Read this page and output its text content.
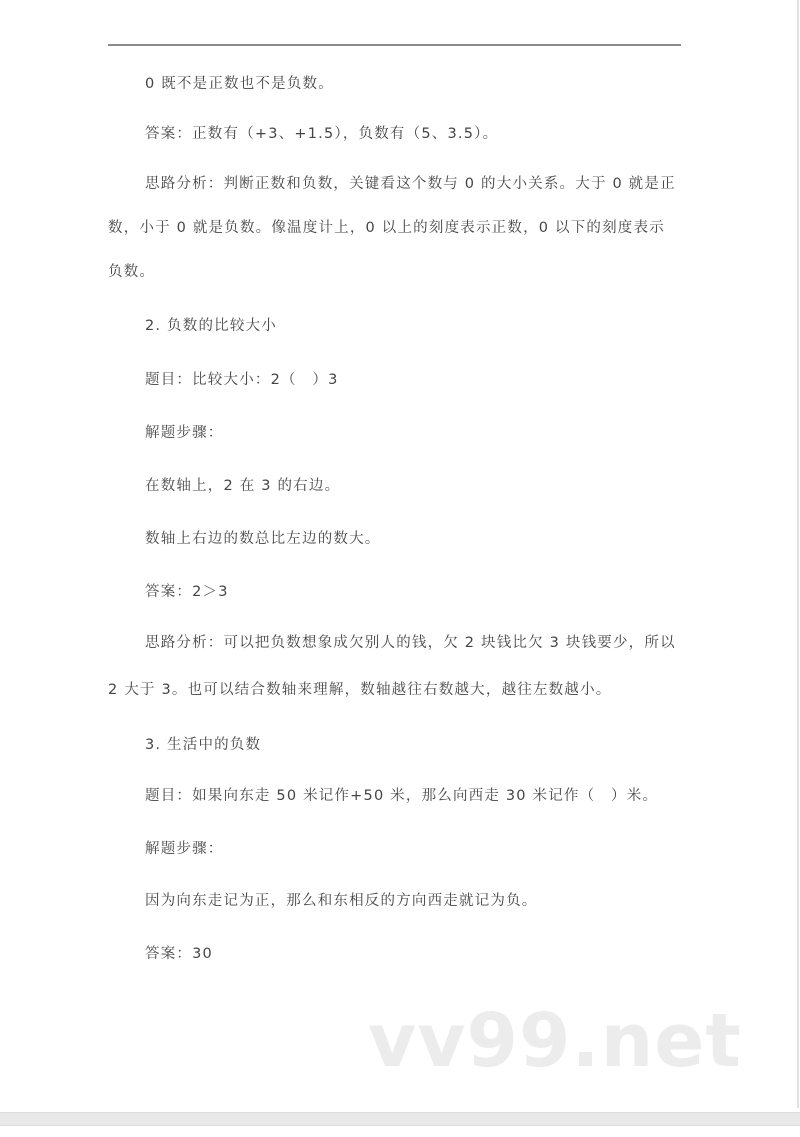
0 既不是正数也不是负数。
答案：正数有（+3、+1.5），负数有（5、3.5）。
思路分析：判断正数和负数，关键看这个数与 0 的大小关系。大于 0 就是正
数，小于 0 就是负数。像温度计上，0 以上的刻度表示正数，0 以下的刻度表示
负数。
2. 负数的比较大小
题目：比较大小：2（　）3
解题步骤：
在数轴上，2 在 3 的右边。
数轴上右边的数总比左边的数大。
答案：2＞3
思路分析：可以把负数想象成欠别人的钱，欠 2 块钱比欠 3 块钱要少，所以
2 大于 3。也可以结合数轴来理解，数轴越往右数越大，越往左数越小。
3. 生活中的负数
题目：如果向东走 50 米记作+50 米，那么向西走 30 米记作（　）米。
解题步骤：
因为向东走记为正，那么和东相反的方向西走就记为负。
答案：30
vv99.net
